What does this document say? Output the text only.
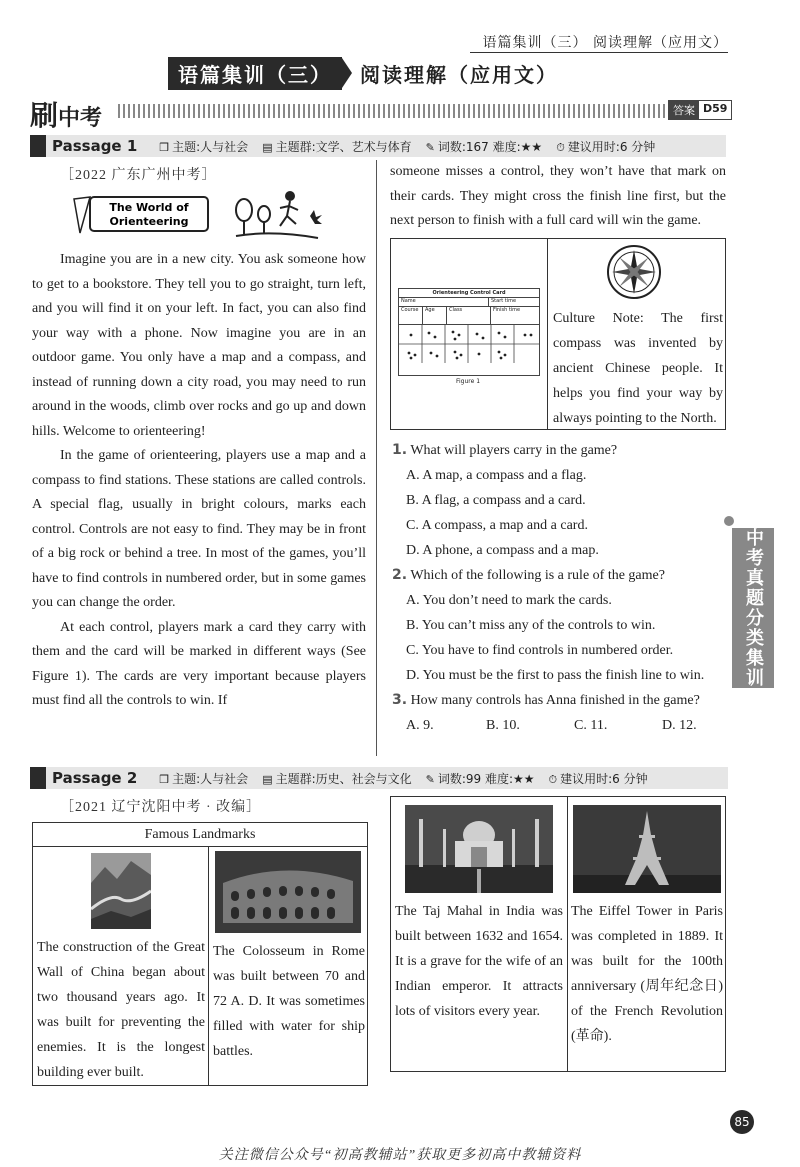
语篇集训（三） 阅读理解（应用文）
语篇集训（三）	阅读理解（应用文）
刷中考	答案 D59
Passage 1	❒ 主题:人与社会	▤ 主题群:文学、艺术与体育	✎ 词数:167 难度:★★	⏱ 建议用时:6 分钟
［2022 广东广州中考］
The World of
Orienteering

Imagine you are in a new city. You ask someone how to get to a bookstore. They tell you to go straight, turn left, and you will find it on your left. In fact, you can also find your way with a phone. Now imagine you are in an outdoor game. You only have a map and a compass, and instead of running down a city road, you may need to run around in the woods, climb over rocks and go up and down hills. Welcome to orienteering!

In the game of orienteering, players use a map and a compass to find stations. These stations are called controls. A special flag, usually in bright colours, marks each control. Controls are not easy to find. They may be in front of a big rock or behind a tree. In most of the games, you’ll have to find controls in numbered order, but in some games you can change the order.

At each control, players mark a card they carry with them and the card will be marked in different ways (See Figure 1). The cards are very important because players must find all the controls to win. If

someone misses a control, they won’t have that mark on their cards. They might cross the finish line first, but the next person to finish with a full card will win the game.

Orienteering Control Card
Name	Start time
Course	Age	Class	Finish time
Figure 1
Culture Note: The first compass was invented by ancient Chinese people. It helps you find your way by always pointing to the North.
1. What will players carry in the game?
A. A map, a compass and a flag.
B. A flag, a compass and a card.
C. A compass, a map and a card.
D. A phone, a compass and a map.
2. Which of the following is a rule of the game?
A. You don’t need to mark the cards.
B. You can’t miss any of the controls to win.
C. You have to find controls in numbered order.
D. You must be the first to pass the finish line to win.
3.
How many controls has Anna finished in the game?
A. 9.	B. 10.	C. 11.	D. 12.
中考真题分类集训
Passage 2	❒ 主题:人与社会	▤ 主题群:历史、社会与文化	✎ 词数:99 难度:★★	⏱ 建议用时:6 分钟
［2021 辽宁沈阳中考 · 改编］
Famous Landmarks
The construction of the Great Wall of China began about two thousand years ago. It was built for preventing the enemies. It is the longest building ever built.
The Colosseum in Rome was built between 70 and 72 A. D. It was sometimes filled with water for ship battles.
The Taj Mahal in India was built between 1632 and 1654. It is a grave for the wife of an Indian emperor. It attracts lots of visitors every year.
The Eiffel Tower in Paris was completed in 1889. It was built for the 100th anniversary (周年纪念日) of the French Revolution (革命).
85
关注微信公众号“初高教辅站”获取更多初高中教辅资料
